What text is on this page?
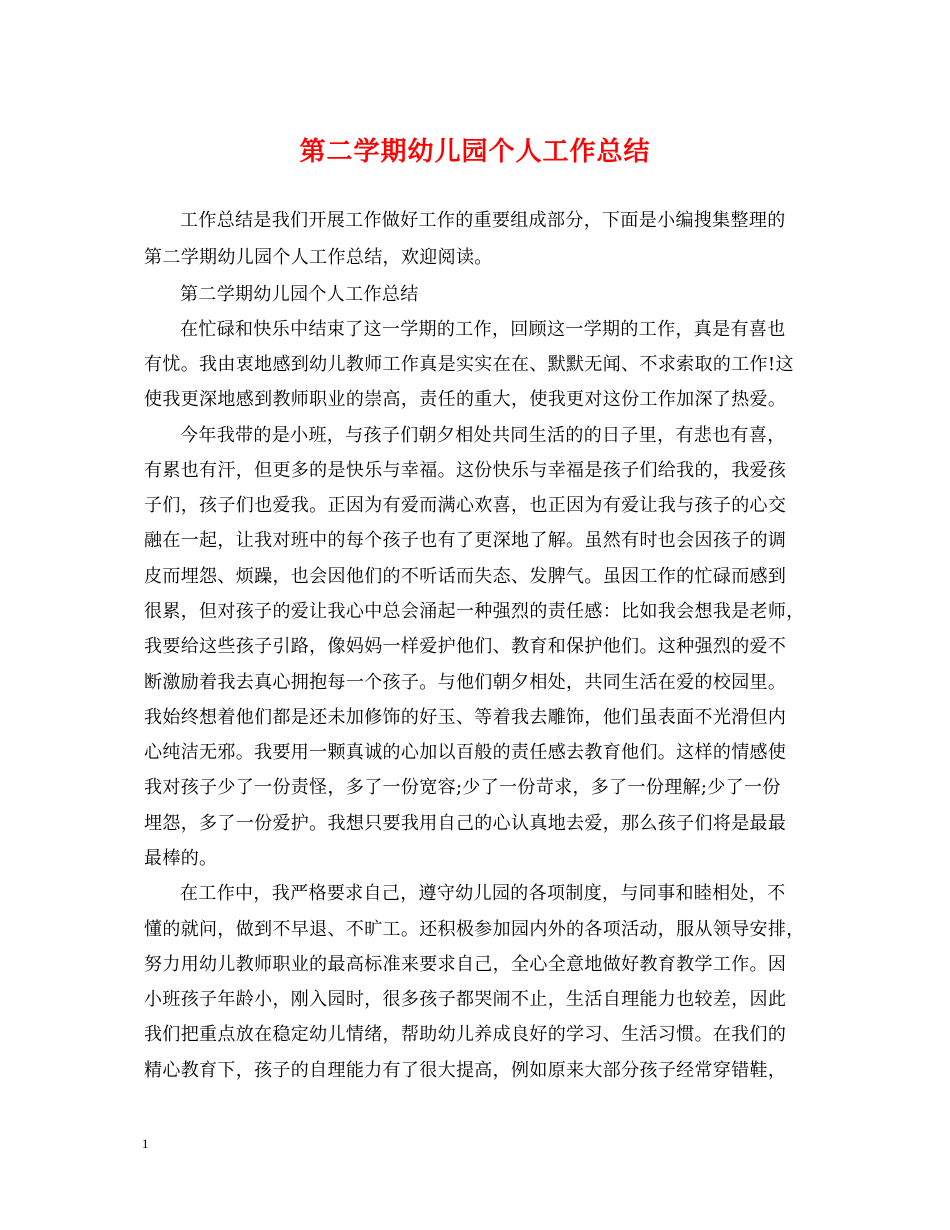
第二学期幼儿园个人工作总结
工作总结是我们开展工作做好工作的重要组成部分，下面是小编搜集整理的
第二学期幼儿园个人工作总结，欢迎阅读。
第二学期幼儿园个人工作总结
在忙碌和快乐中结束了这一学期的工作，回顾这一学期的工作，真是有喜也
有忧。我由衷地感到幼儿教师工作真是实实在在、默默无闻、不求索取的工作!这
使我更深地感到教师职业的崇高，责任的重大，使我更对这份工作加深了热爱。
今年我带的是小班，与孩子们朝夕相处共同生活的的日子里，有悲也有喜，
有累也有汗，但更多的是快乐与幸福。这份快乐与幸福是孩子们给我的，我爱孩
子们，孩子们也爱我。正因为有爱而满心欢喜，也正因为有爱让我与孩子的心交
融在一起，让我对班中的每个孩子也有了更深地了解。虽然有时也会因孩子的调
皮而埋怨、烦躁，也会因他们的不听话而失态、发脾气。虽因工作的忙碌而感到
很累，但对孩子的爱让我心中总会涌起一种强烈的责任感：比如我会想我是老师，
我要给这些孩子引路，像妈妈一样爱护他们、教育和保护他们。这种强烈的爱不
断激励着我去真心拥抱每一个孩子。与他们朝夕相处，共同生活在爱的校园里。
我始终想着他们都是还未加修饰的好玉、等着我去雕饰，他们虽表面不光滑但内
心纯洁无邪。我要用一颗真诚的心加以百般的责任感去教育他们。这样的情感使
我对孩子少了一份责怪，多了一份宽容;少了一份苛求，多了一份理解;少了一份
埋怨，多了一份爱护。我想只要我用自己的心认真地去爱，那么孩子们将是最最
最棒的。
在工作中，我严格要求自己，遵守幼儿园的各项制度，与同事和睦相处，不
懂的就问，做到不早退、不旷工。还积极参加园内外的各项活动，服从领导安排，
努力用幼儿教师职业的最高标准来要求自己，全心全意地做好教育教学工作。因
小班孩子年龄小，刚入园时，很多孩子都哭闹不止，生活自理能力也较差，因此
我们把重点放在稳定幼儿情绪，帮助幼儿养成良好的学习、生活习惯。在我们的
精心教育下，孩子的自理能力有了很大提高，例如原来大部分孩子经常穿错鞋，
1
